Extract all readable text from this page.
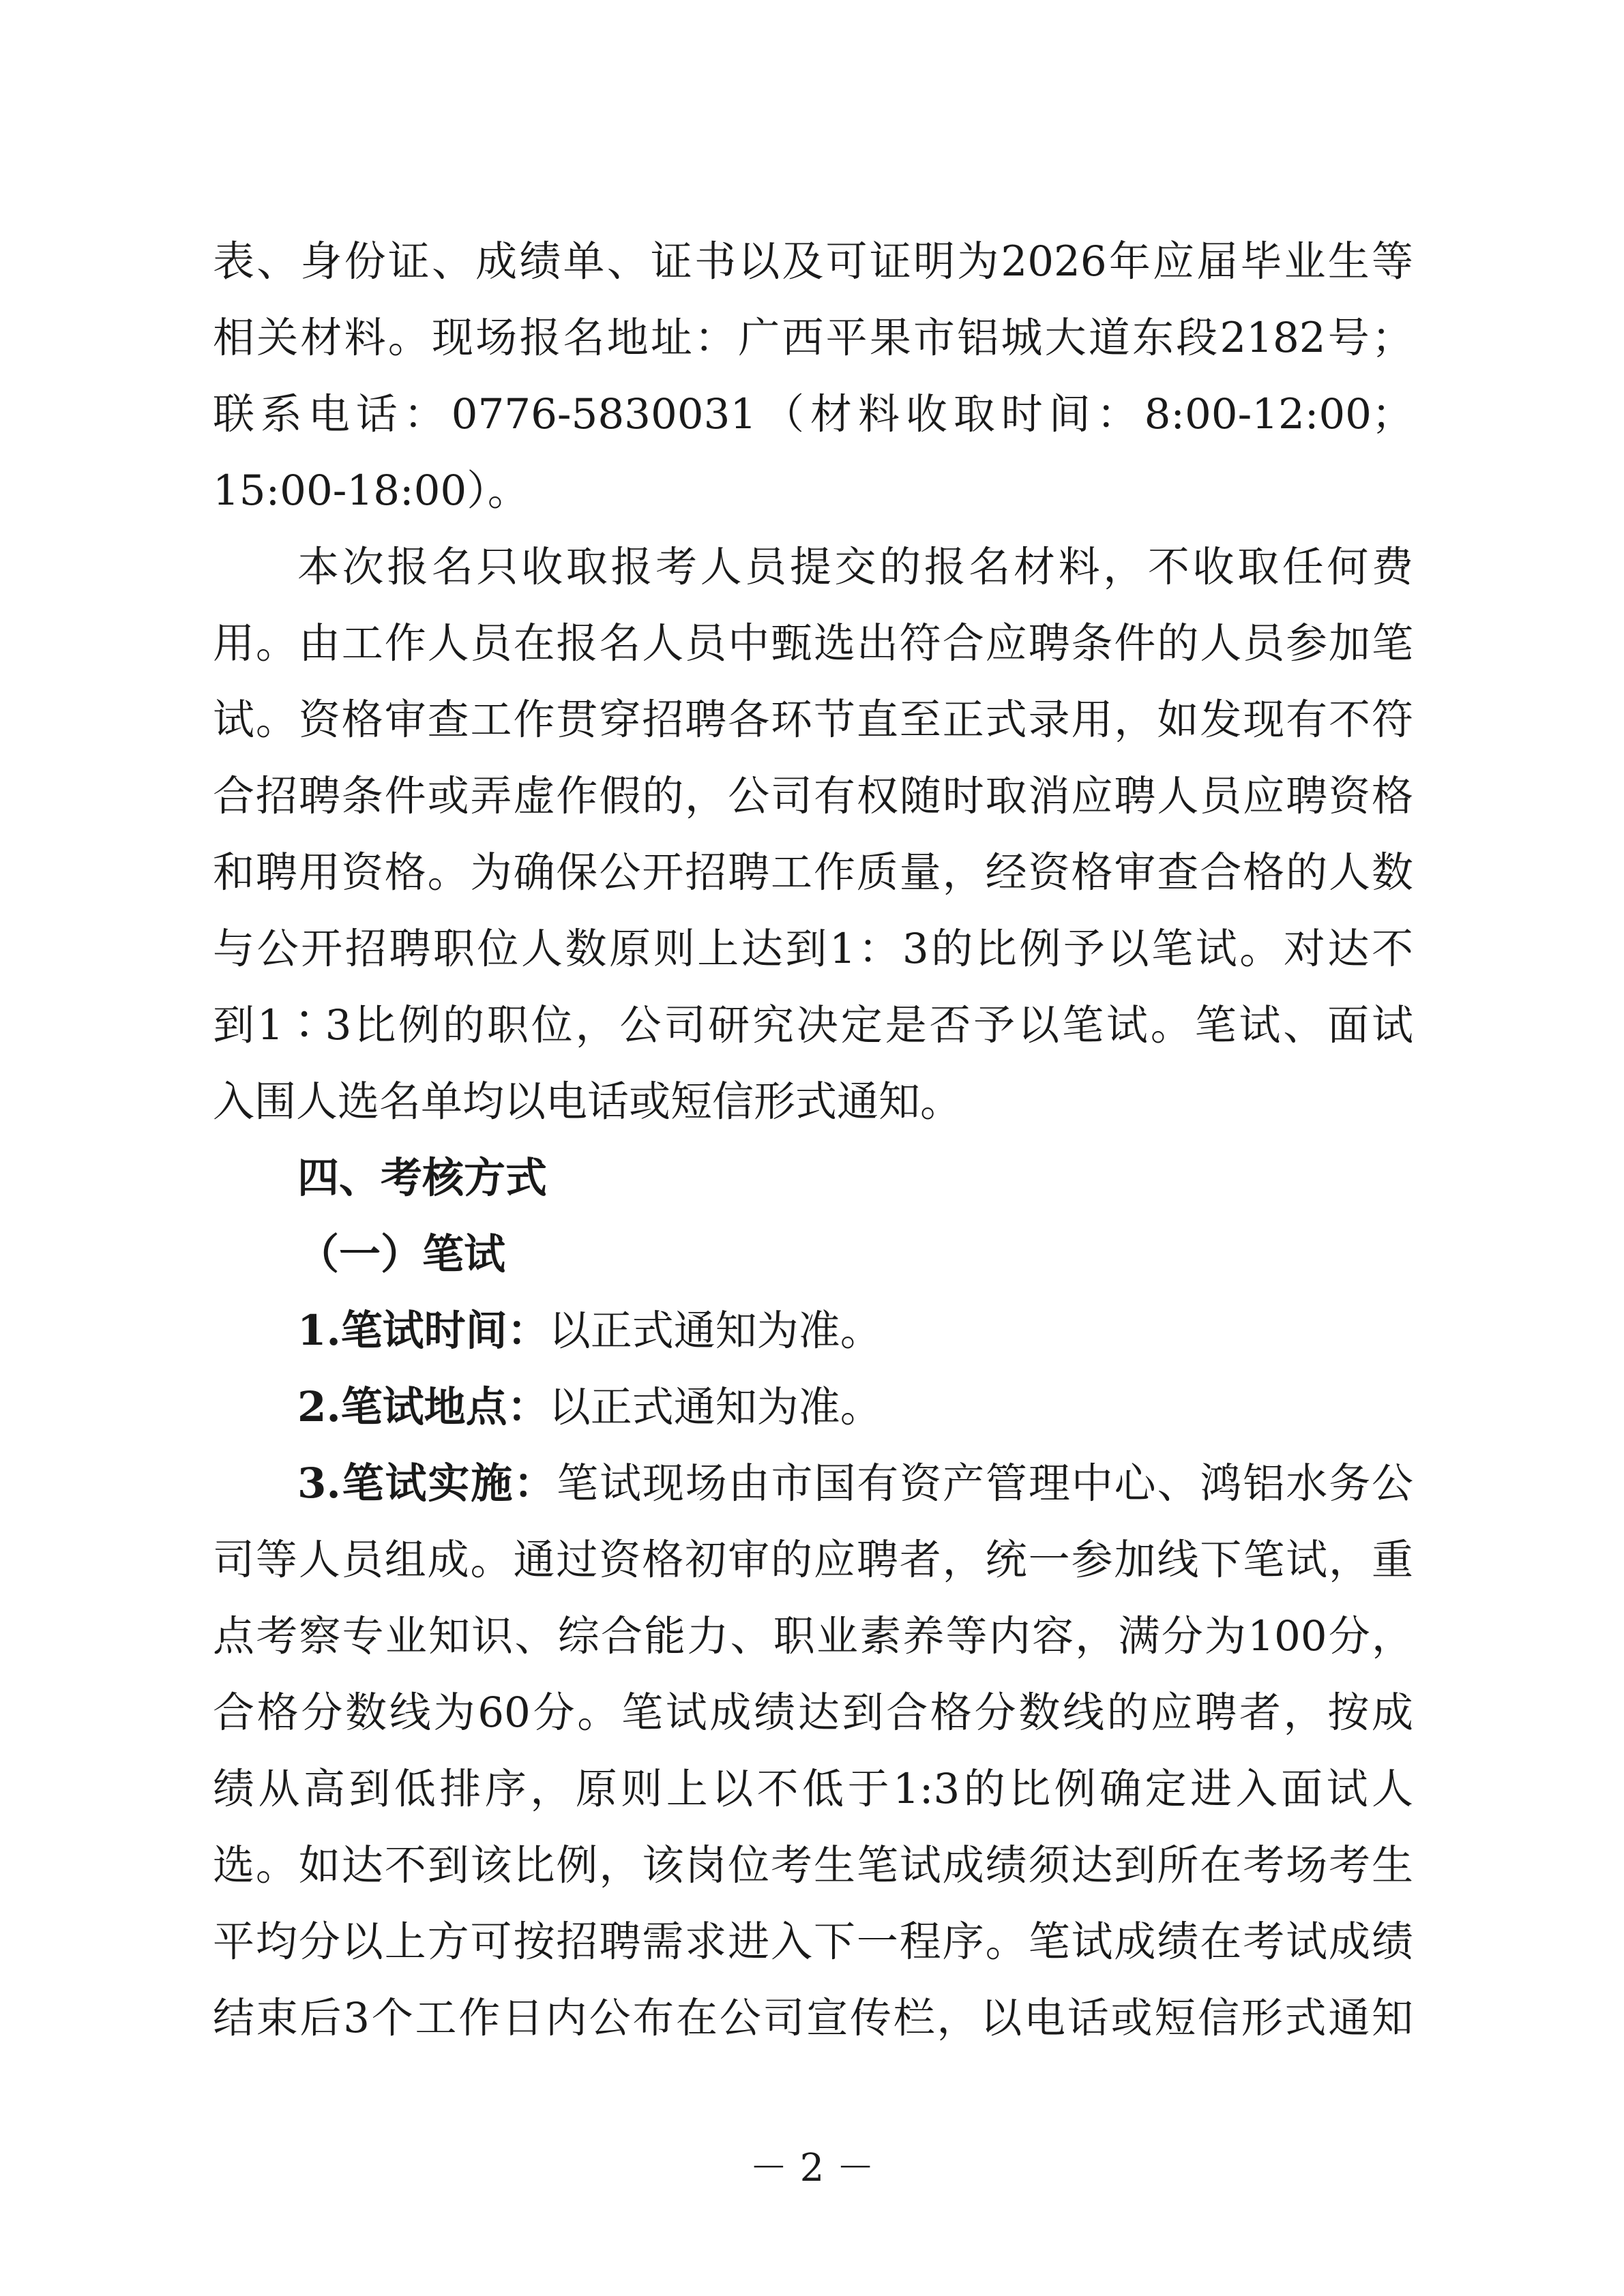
表、身份证、成绩单、证书以及可证明为2026年应届毕业生等
相关材料。现场报名地址：广西平果市铝城大道东段2182号；
联系电话：0776-5830031（材料收取时间：8:00-12:00；
15:00-18:00）。
本次报名只收取报考人员提交的报名材料，不收取任何费
用。由工作人员在报名人员中甄选出符合应聘条件的人员参加笔
试。资格审查工作贯穿招聘各环节直至正式录用，如发现有不符
合招聘条件或弄虚作假的，公司有权随时取消应聘人员应聘资格
和聘用资格。为确保公开招聘工作质量，经资格审查合格的人数
与公开招聘职位人数原则上达到1：3的比例予以笔试。对达不
到1∶3比例的职位，公司研究决定是否予以笔试。笔试、面试
入围人选名单均以电话或短信形式通知。
四、考核方式
（一）笔试
1.笔试时间：以正式通知为准。
2.笔试地点：以正式通知为准。
3.笔试实施：笔试现场由市国有资产管理中心、鸿铝水务公
司等人员组成。通过资格初审的应聘者，统一参加线下笔试，重
点考察专业知识、综合能力、职业素养等内容，满分为100分，
合格分数线为60分。笔试成绩达到合格分数线的应聘者，按成
绩从高到低排序，原则上以不低于1:3的比例确定进入面试人
选。如达不到该比例，该岗位考生笔试成绩须达到所在考场考生
平均分以上方可按招聘需求进入下一程序。笔试成绩在考试成绩
结束后3个工作日内公布在公司宣传栏，以电话或短信形式通知
－ 2 －
